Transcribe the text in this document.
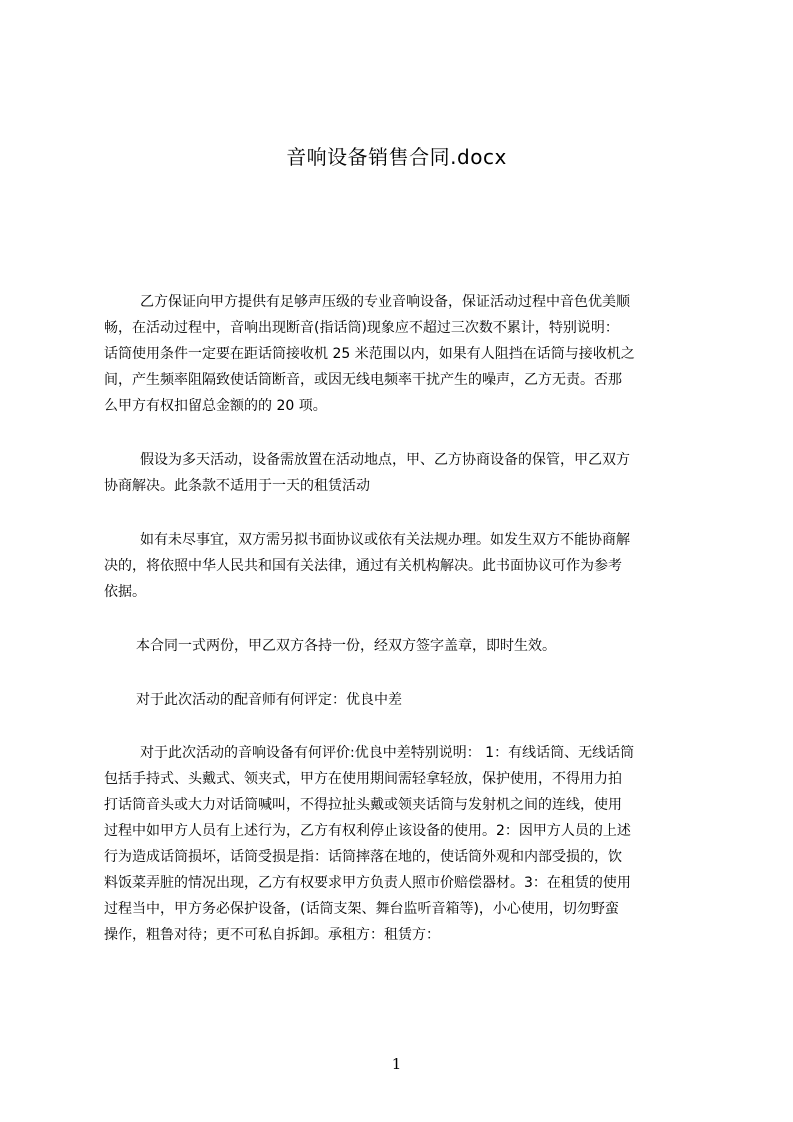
音响设备销售合同.docx
乙方保证向甲方提供有足够声压级的专业音响设备，保证活动过程中音色优美顺
畅，在活动过程中，音响出现断音(指话筒)现象应不超过三次数不累计，特别说明：
话筒使用条件一定要在距话筒接收机 25 米范围以内，如果有人阻挡在话筒与接收机之
间，产生频率阻隔致使话筒断音，或因无线电频率干扰产生的噪声，乙方无责。否那
么甲方有权扣留总金额的的 20 项。
假设为多天活动，设备需放置在活动地点，甲、乙方协商设备的保管，甲乙双方
协商解决。此条款不适用于一天的租赁活动
如有未尽事宜，双方需另拟书面协议或依有关法规办理。如发生双方不能协商解
决的，将依照中华人民共和国有关法律，通过有关机构解决。此书面协议可作为参考
依据。
本合同一式两份，甲乙双方各持一份，经双方签字盖章，即时生效。
对于此次活动的配音师有何评定：优良中差
对于此次活动的音响设备有何评价:优良中差特别说明： 1：有线话筒、无线话筒
包括手持式、头戴式、领夹式，甲方在使用期间需轻拿轻放，保护使用，不得用力拍
打话筒音头或大力对话筒喊叫，不得拉扯头戴或领夹话筒与发射机之间的连线，使用
过程中如甲方人员有上述行为，乙方有权利停止该设备的使用。2：因甲方人员的上述
行为造成话筒损坏，话筒受损是指：话筒摔落在地的，使话筒外观和内部受损的，饮
料饭菜弄脏的情况出现，乙方有权要求甲方负责人照市价赔偿器材。3：在租赁的使用
过程当中，甲方务必保护设备，(话筒支架、舞台监听音箱等)，小心使用，切勿野蛮
操作，粗鲁对待；更不可私自拆卸。承租方：租赁方：
1
